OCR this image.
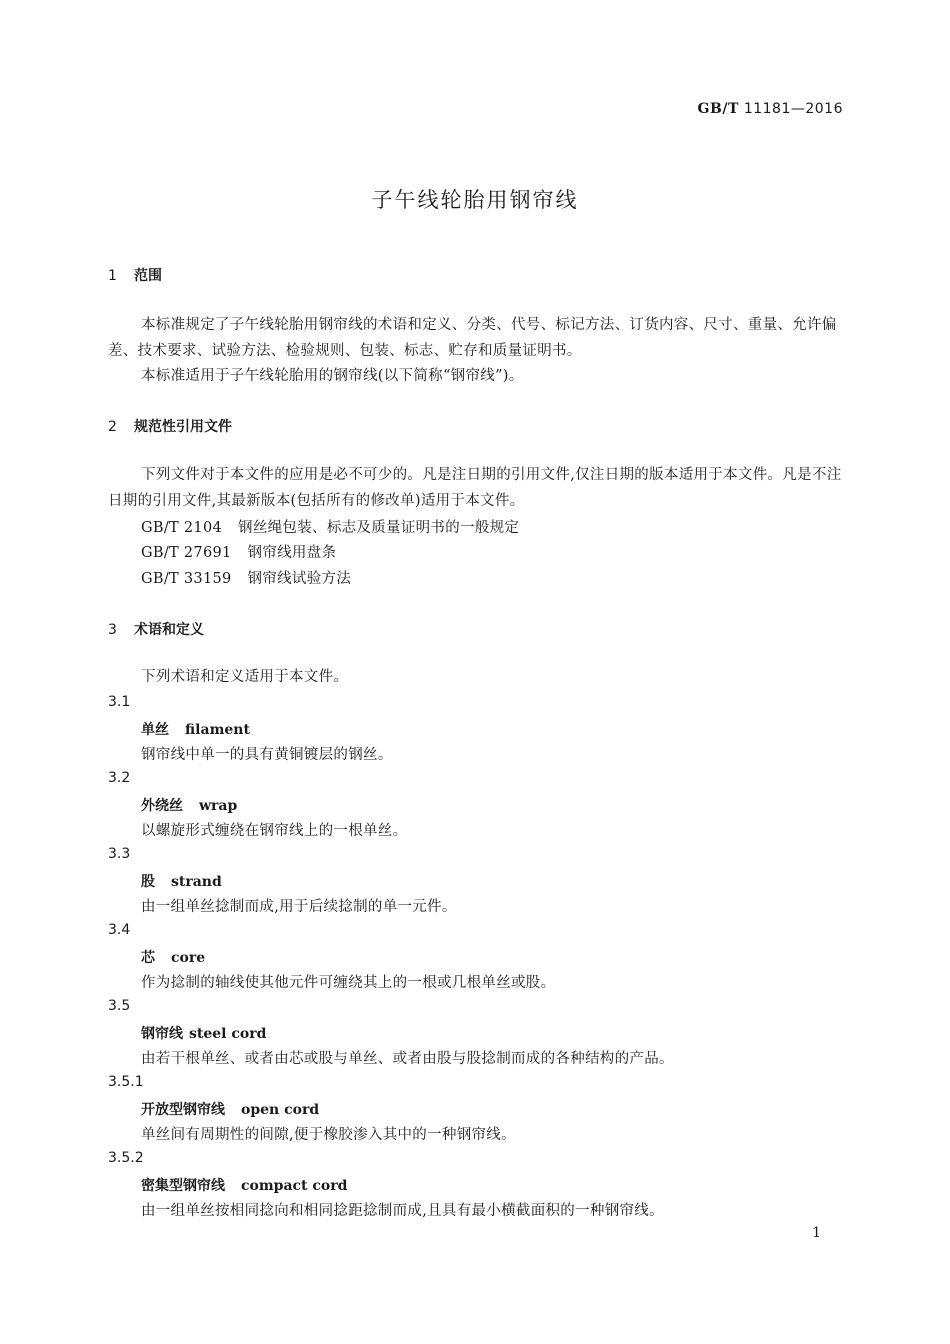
GB/T 11181—2016
子午线轮胎用钢帘线
1 范围
本标准规定了子午线轮胎用钢帘线的术语和定义、分类、代号、标记方法、订货内容、尺寸、重量、允许偏差、技术要求、试验方法、检验规则、包装、标志、贮存和质量证明书。
本标准适用于子午线轮胎用的钢帘线(以下简称“钢帘线”)。
2 规范性引用文件
下列文件对于本文件的应用是必不可少的。凡是注日期的引用文件,仅注日期的版本适用于本文件。凡是不注日期的引用文件,其最新版本(包括所有的修改单)适用于本文件。
GB/T 2104 钢丝绳包装、标志及质量证明书的一般规定
GB/T 27691 钢帘线用盘条
GB/T 33159 钢帘线试验方法
3 术语和定义
下列术语和定义适用于本文件。
3.1
单丝 filament
钢帘线中单一的具有黄铜镀层的钢丝。
3.2
外绕丝 wrap
以螺旋形式缠绕在钢帘线上的一根单丝。
3.3
股 strand
由一组单丝捻制而成,用于后续捻制的单一元件。
3.4
芯 core
作为捻制的轴线使其他元件可缠绕其上的一根或几根单丝或股。
3.5
钢帘线 steel cord
由若干根单丝、或者由芯或股与单丝、或者由股与股捻制而成的各种结构的产品。
3.5.1
开放型钢帘线 open cord
单丝间有周期性的间隙,便于橡胶渗入其中的一种钢帘线。
3.5.2
密集型钢帘线 compact cord
由一组单丝按相同捻向和相同捻距捻制而成,且具有最小横截面积的一种钢帘线。
1
